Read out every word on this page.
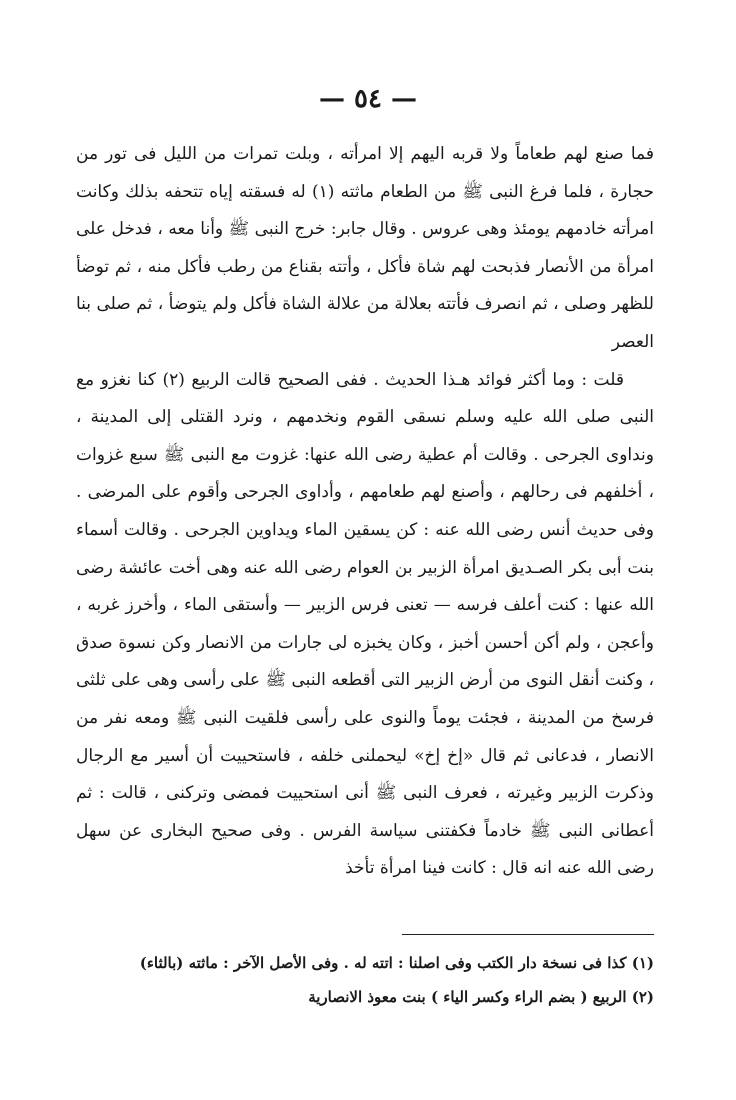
— ٥٤ —

فما صنع لهم طعاماً ولا قربه اليهم إلا امرأته ، وبلت تمرات من الليل فى تور من حجارة ، فلما فرغ النبى ﷺ من الطعام ماثته (١) له فسقته إياه تتحفه بذلك وكانت امرأته خادمهم يومئذ وهى عروس . وقال جابر: خرج النبى ﷺ وأنا معه ، فدخل على امرأة من الأنصار فذبحت لهم شاة فأكل ، وأتته بقناع من رطب فأكل منه ، ثم توضأ للظهر وصلى ، ثم انصرف فأتته بعلالة من علالة الشاة فأكل ولم يتوضأ ، ثم صلى بنا العصر

قلت : وما أكثر فوائد هـذا الحديث . ففى الصحيح قالت الربيع (٢) كنا نغزو مع النبى صلى الله عليه وسلم نسقى القوم ونخدمهم ، ونرد القتلى إلى المدينة ، ونداوى الجرحى . وقالت أم عطية رضى الله عنها: غزوت مع النبى ﷺ سبع غزوات ، أخلفهم فى رحالهم ، وأصنع لهم طعامهم ، وأداوى الجرحى وأقوم على المرضى . وفى حديث أنس رضى الله عنه : كن يسقين الماء ويداوين الجرحى . وقالت أسماء بنت أبى بكر الصـديق امرأة الزبير بن العوام رضى الله عنه وهى أخت عائشة رضى الله عنها : كنت أعلف فرسه — تعنى فرس الزبير — وأستقى الماء ، وأخرز غربه ، وأعجن ، ولم أكن أحسن أخبز ، وكان يخبزه لى جارات من الانصار وكن نسوة صدق ، وكنت أنقل النوى من أرض الزبير التى أقطعه النبى ﷺ على رأسى وهى على ثلثى فرسخ من المدينة ، فجئت يوماً والنوى على رأسى فلقيت النبى ﷺ ومعه نفر من الانصار ، فدعانى ثم قال «إخ إخ» ليحملنى خلفه ، فاستحييت أن أسير مع الرجال وذكرت الزبير وغيرته ، فعرف النبى ﷺ أنى استحييت فمضى وتركنى ، قالت : ثم أعطانى النبى ﷺ خادماً فكفتنى سياسة الفرس . وفى صحيح البخارى عن سهل رضى الله عنه انه قال : كانت فينا امرأة تأخذ

(١) كذا فى نسخة دار الكتب وفى اصلنا : اتته له . وفى الأصل الآخر : ماثته (بالثاء)

(٢) الربيع ( بضم الراء وكسر الياء ) بنت معوذ الانصارية
